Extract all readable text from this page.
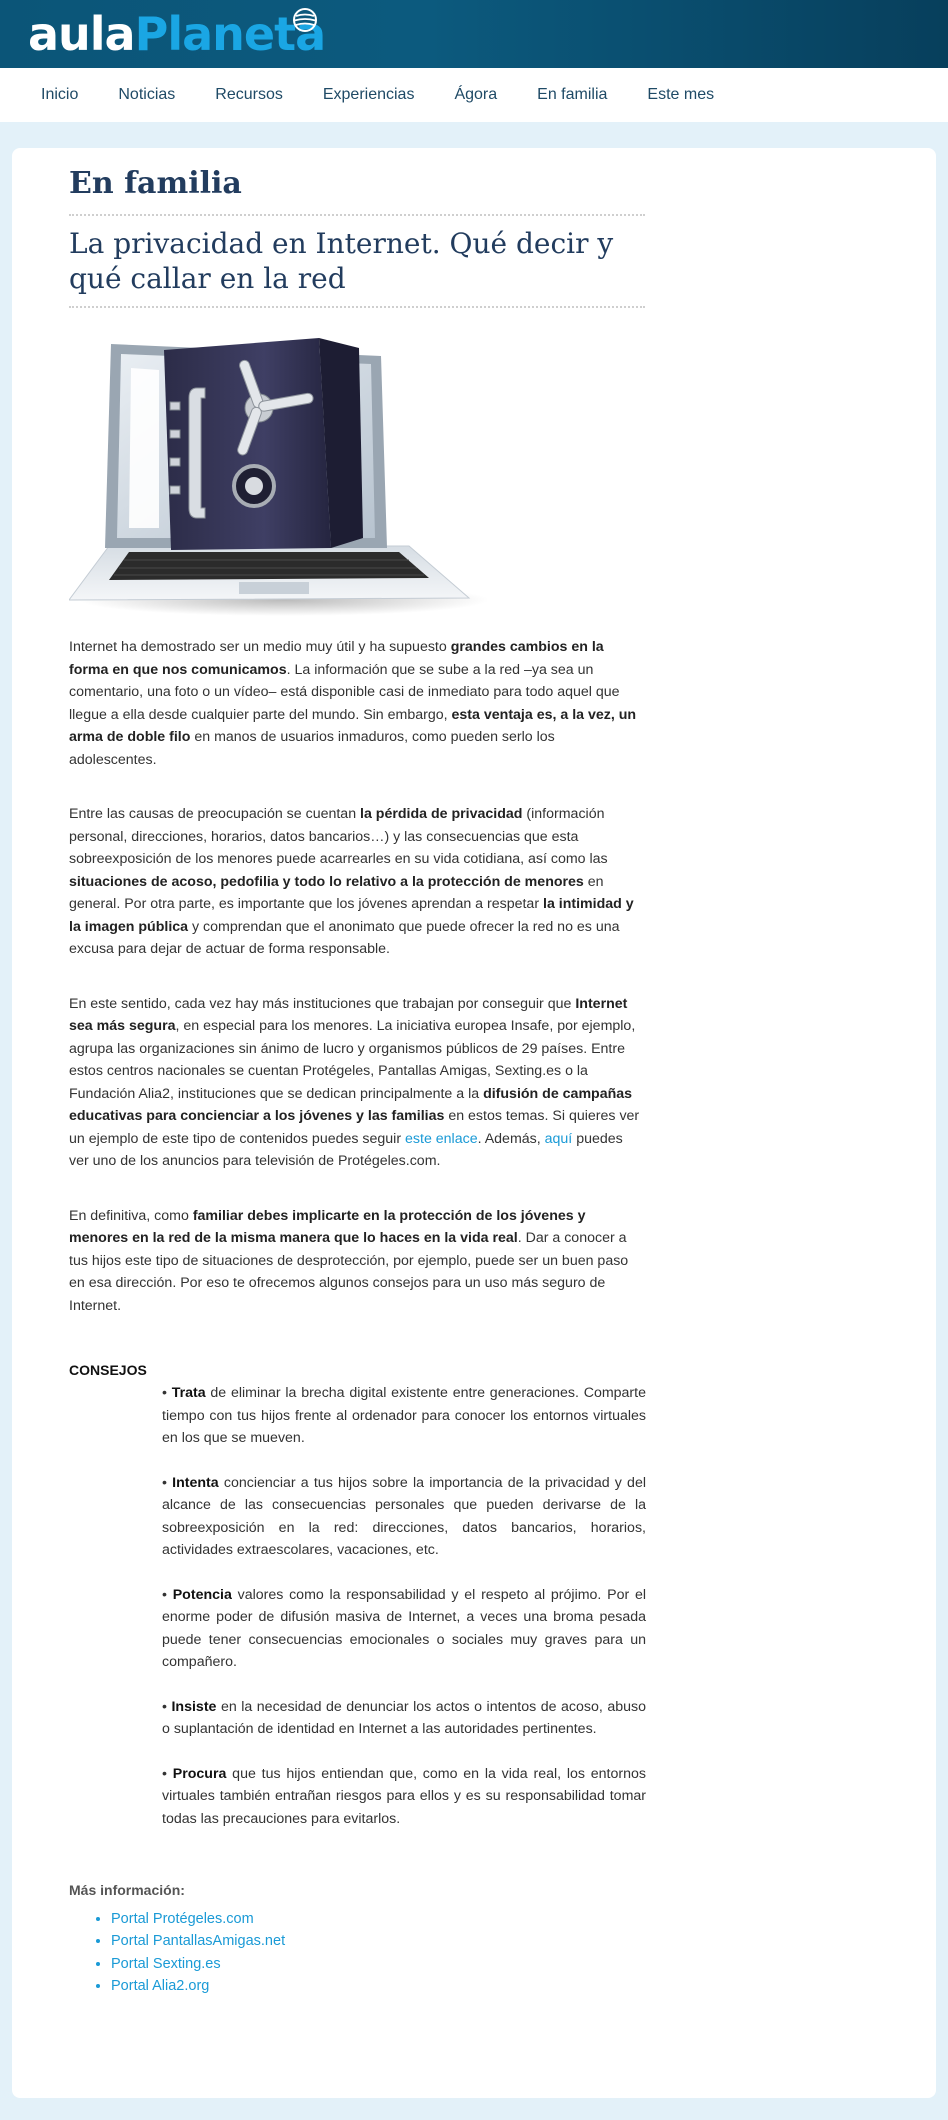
aulaPlaneta
Inicio	Noticias	Recursos	Experiencias	Ágora	En familia	Este mes
En familia
La privacidad en Internet. Qué decir y qué callar en la red

Internet ha demostrado ser un medio muy útil y ha supuesto grandes cambios en la forma en que nos comunicamos. La información que se sube a la red –ya sea un comentario, una foto o un vídeo– está disponible casi de inmediato para todo aquel que llegue a ella desde cualquier parte del mundo. Sin embargo, esta ventaja es, a la vez, un arma de doble filo en manos de usuarios inmaduros, como pueden serlo los adolescentes.

Entre las causas de preocupación se cuentan la pérdida de privacidad (información personal, direcciones, horarios, datos bancarios…) y las consecuencias que esta sobreexposición de los menores puede acarrearles en su vida cotidiana, así como las situaciones de acoso, pedofilia y todo lo relativo a la protección de menores en general. Por otra parte, es importante que los jóvenes aprendan a respetar la intimidad y la imagen pública y comprendan que el anonimato que puede ofrecer la red no es una excusa para dejar de actuar de forma responsable.

En este sentido, cada vez hay más instituciones que trabajan por conseguir que Internet sea más segura, en especial para los menores. La iniciativa europea Insafe, por ejemplo, agrupa las organizaciones sin ánimo de lucro y organismos públicos de 29 países. Entre estos centros nacionales se cuentan Protégeles, Pantallas Amigas, Sexting.es o la Fundación Alia2, instituciones que se dedican principalmente a la difusión de campañas educativas para concienciar a los jóvenes y las familias en estos temas. Si quieres ver un ejemplo de este tipo de contenidos puedes seguir este enlace. Además, aquí puedes ver uno de los anuncios para televisión de Protégeles.com.

En definitiva, como familiar debes implicarte en la protección de los jóvenes y menores en la red de la misma manera que lo haces en la vida real. Dar a conocer a tus hijos este tipo de situaciones de desprotección, por ejemplo, puede ser un buen paso en esa dirección. Por eso te ofrecemos algunos consejos para un uso más seguro de Internet.

CONSEJOS
• Trata de eliminar la brecha digital existente entre generaciones. Comparte tiempo con tus hijos frente al ordenador para conocer los entornos virtuales en los que se mueven.
• Intenta concienciar a tus hijos sobre la importancia de la privacidad y del alcance de las consecuencias personales que pueden derivarse de la sobreexposición en la red: direcciones, datos bancarios, horarios, actividades extraescolares, vacaciones, etc.
• Potencia valores como la responsabilidad y el respeto al prójimo. Por el enorme poder de difusión masiva de Internet, a veces una broma pesada puede tener consecuencias emocionales o sociales muy graves para un compañero.
• Insiste en la necesidad de denunciar los actos o intentos de acoso, abuso o suplantación de identidad en Internet a las autoridades pertinentes.
• Procura que tus hijos entiendan que, como en la vida real, los entornos virtuales también entrañan riesgos para ellos y es su responsabilidad tomar todas las precauciones para evitarlos.
Más información:
• Portal Protégeles.com
• Portal PantallasAmigas.net
• Portal Sexting.es
• Portal Alia2.org
